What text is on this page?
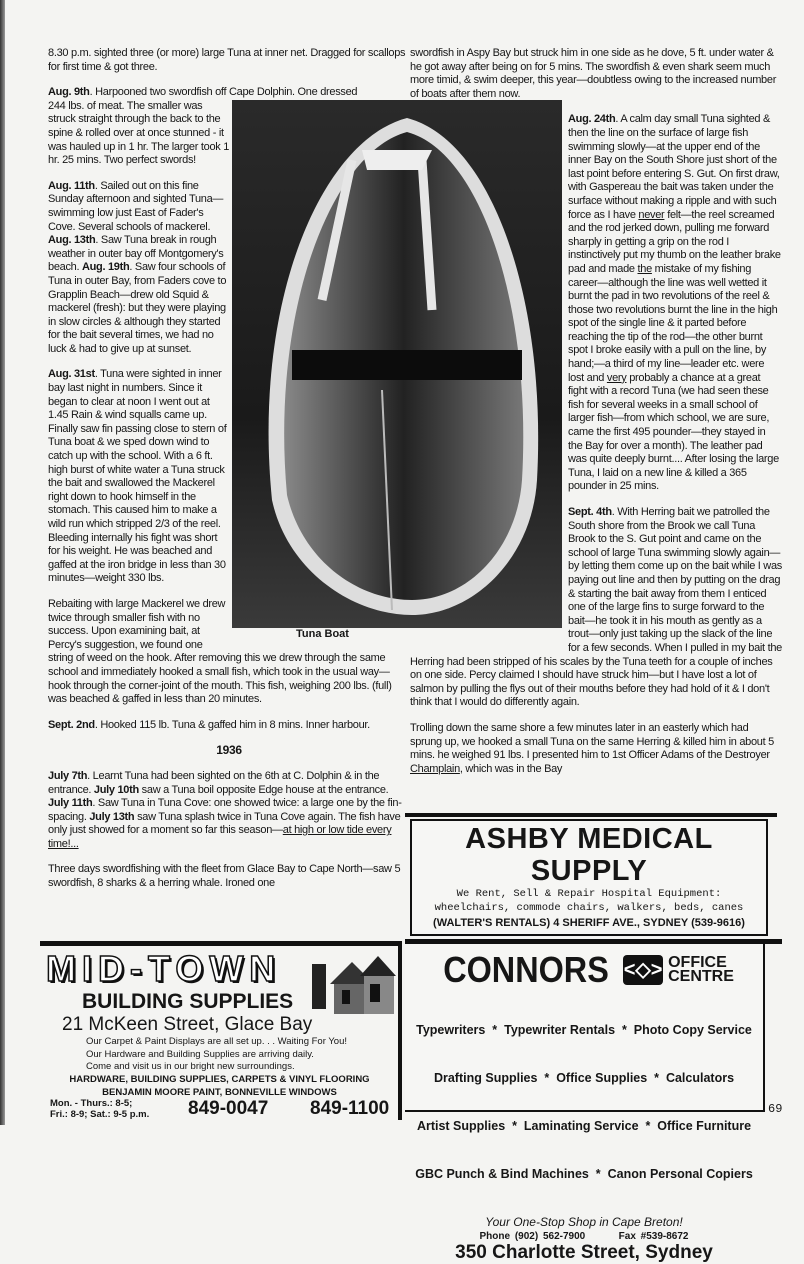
Tuna Boat

8.30 p.m. sighted three (or more) large Tuna at inner net. Dragged for scallops for first time & got three.

Aug. 9th. Harpooned two swordfish off Cape Dolphin. One dressed

244 lbs. of meat. The smaller was struck straight through the back to the spine & rolled over at once stunned - it was hauled up in 1 hr. The larger took 1 hr. 25 mins. Two perfect swords!

Aug. 11th. Sailed out on this fine Sunday afternoon and sighted Tuna—swimming low just East of Fader's Cove. Several schools of mackerel. Aug. 13th. Saw Tuna break in rough weather in outer bay off Montgomery's beach. Aug. 19th. Saw four schools of Tuna in outer Bay, from Faders cove to Grapplin Beach—drew old Squid & mackerel (fresh): but they were playing in slow circles & although they started for the bait several times, we had no luck & had to give up at sunset.

Aug. 31st. Tuna were sighted in inner bay last night in numbers. Since it began to clear at noon I went out at 1.45 Rain & wind squalls came up. Finally saw fin passing close to stern of Tuna boat & we sped down wind to catch up with the school. With a 6 ft. high burst of white water a Tuna struck the bait and swallowed the Mackerel right down to hook himself in the stomach. This caused him to make a wild run which stripped 2/3 of the reel. Bleeding internally his fight was short for his weight. He was beached and gaffed at the iron bridge in less than 30 minutes—weight 330 lbs.

Rebaiting with large Mackerel we drew twice through smaller fish with no success. Upon examining bait, at Percy's suggestion, we found one string of weed on the hook. After removing this we drew through the same school and immediately hooked a small fish, which took in the usual way—hook through the corner-joint of the mouth. This fish, weighing 200 lbs. (full) was beached & gaffed in less than 20 minutes.

Sept. 2nd. Hooked 115 lb. Tuna & gaffed him in 8 mins. Inner harbour.

1936

July 7th. Learnt Tuna had been sighted on the 6th at C. Dolphin & in the entrance. July 10th saw a Tuna boil opposite Edge house at the entrance. July 11th. Saw Tuna in Tuna Cove: one showed twice: a large one by the fin-spacing. July 13th saw Tuna splash twice in Tuna Cove again. The fish have only just showed for a moment so far this season—at high or low tide every time!...

Three days swordfishing with the fleet from Glace Bay to Cape North—saw 5 swordfish, 8 sharks & a herring whale. Ironed one

MID-TOWN
BUILDING SUPPLIES
21 McKeen Street, Glace Bay
Our Carpet & Paint Displays are all set up. . . Waiting For You!
Our Hardware and Building Supplies are arriving daily.
Come and visit us in our bright new surroundings.
HARDWARE, BUILDING SUPPLIES, CARPETS & VINYL FLOORING
BENJAMIN MOORE PAINT, BONNEVILLE WINDOWS
Mon. - Thurs.: 8-5;
Fri.: 8-9; Sat.: 9-5 p.m. 849-0047 849-1100

swordfish in Aspy Bay but struck him in one side as he dove, 5 ft. under water & he got away after being on for 5 mins. The swordfish & even shark seem much more timid, & swim deeper, this year—doubtless owing to the increased number of boats after them now.

Aug. 24th. A calm day small Tuna sighted & then the line on the surface of large fish swimming slowly—at the upper end of the inner Bay on the South Shore just short of the last point before entering S. Gut. On first draw, with Gaspereau the bait was taken under the surface without making a ripple and with such force as I have never felt—the reel screamed and the rod jerked down, pulling me forward sharply in getting a grip on the rod I instinctively put my thumb on the leather brake pad and made the mistake of my fishing career—although the line was well wetted it burnt the pad in two revolutions of the reel & those two revolutions burnt the line in the high spot of the single line & it parted before reaching the tip of the rod—the other burnt spot I broke easily with a pull on the line, by hand;—a third of my line—leader etc. were lost and very probably a chance at a great fight with a record Tuna (we had seen these fish for several weeks in a small school of larger fish—from which school, we are sure, came the first 495 pounder—they stayed in the Bay for over a month). The leather pad was quite deeply burnt.... After losing the large Tuna, I laid on a new line & killed a 365 pounder in 25 mins.

Sept. 4th. With Herring bait we patrolled the South shore from the Brook we call Tuna Brook to the S. Gut point and came on the school of large Tuna swimming slowly again—by letting them come up on the bait while I was paying out line and then by putting on the drag & starting the bait away from them I enticed one of the large fins to surge forward to the bait—he took it in his mouth as gently as a trout—only just taking up the slack of the line for a few seconds. When I pulled in my bait the Herring had been stripped of his scales by the Tuna teeth for a couple of inches on one side. Percy claimed I should have struck him—but I have lost a lot of salmon by pulling the flys out of their mouths before they had hold of it & I don't think that I would do differently again.

Trolling down the same shore a few minutes later in an easterly which had sprung up, we hooked a small Tuna on the same Herring & killed him in about 5 mins. he weighed 91 lbs. I presented him to 1st Officer Adams of the Destroyer Champlain, which was in the Bay

ASHBY MEDICAL SUPPLY
We Rent, Sell & Repair Hospital Equipment:
wheelchairs, commode chairs, walkers, beds, canes
(WALTER'S RENTALS) 4 SHERIFF AVE., SYDNEY (539-9616)
CONNORS <◇> OFFICE
CENTRE

Typewriters  *  Typewriter Rentals  *  Photo Copy Service

Drafting Supplies  *  Office Supplies  *  Calculators

Artist Supplies  *  Laminating Service  *  Office Furniture

GBC Punch & Bind Machines  *  Canon Personal Copiers

Your One-Stop Shop in Cape Breton!
Phone (902) 562-7900	Fax #539-8672
350 Charlotte Street, Sydney
69
